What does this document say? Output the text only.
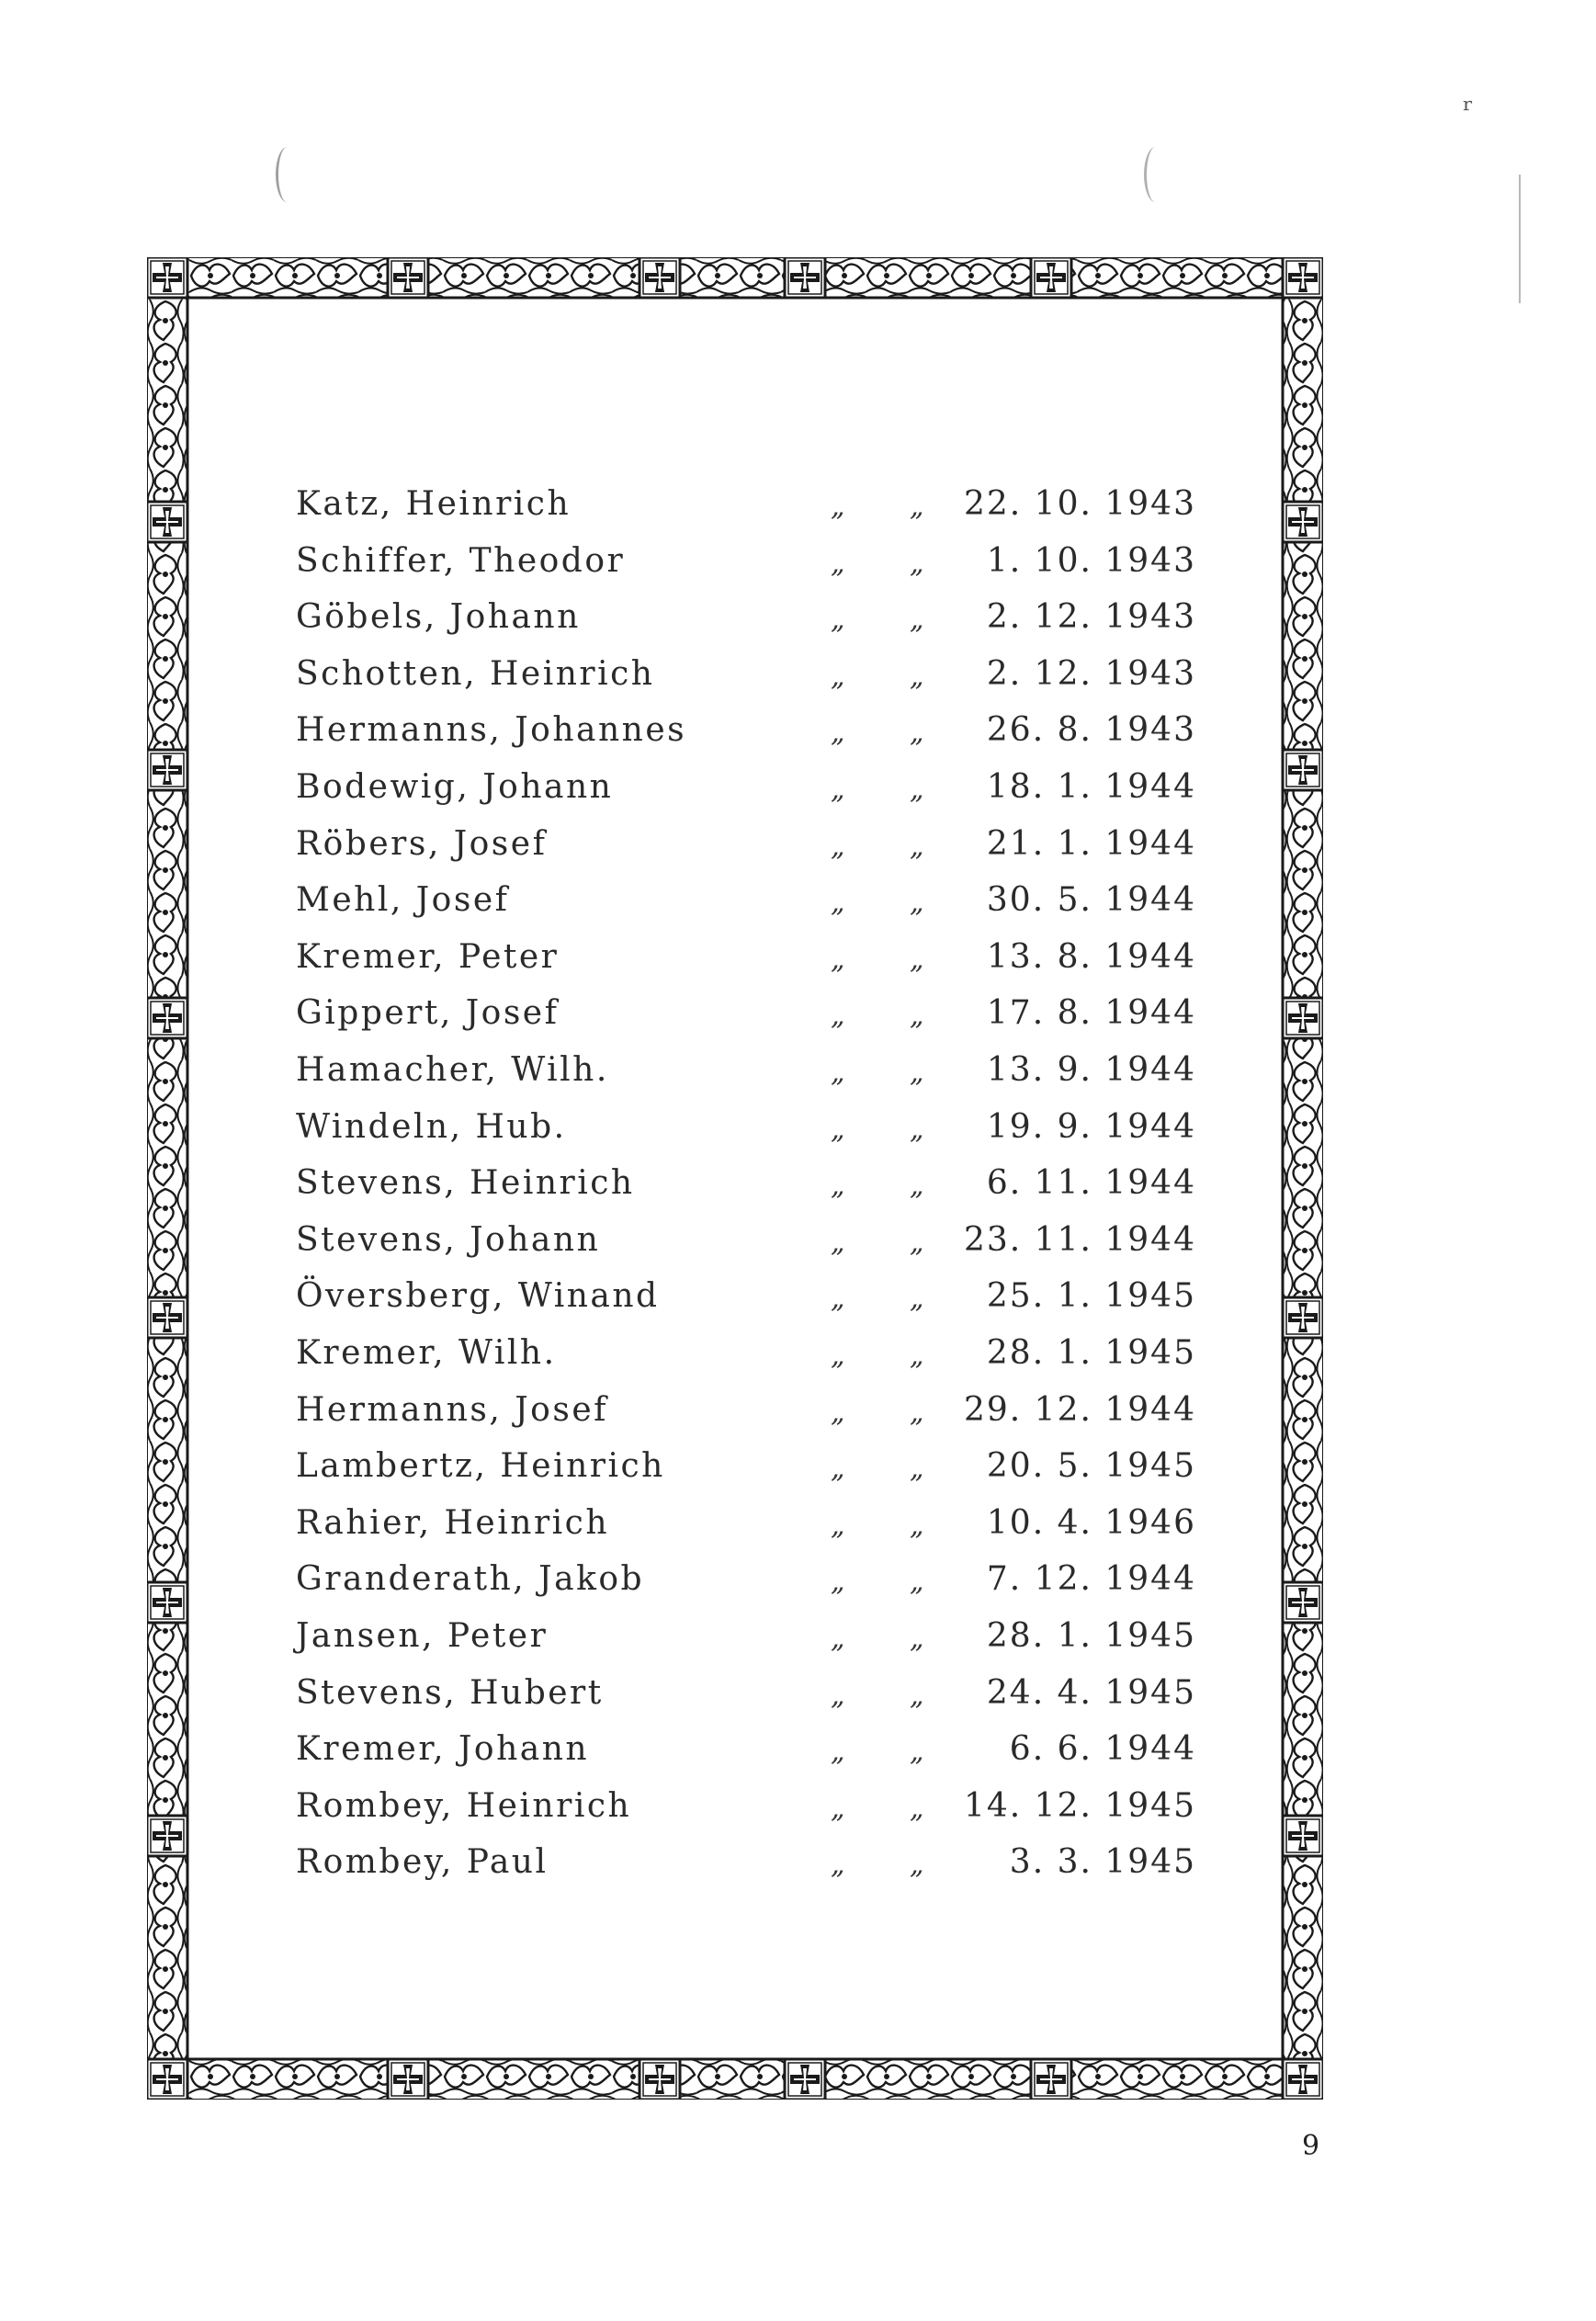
ʳ
Katz, Heinrich	„ „ 22. 10. 1943
Schiffer, Theodor	„ „	1. 10. 1943
Göbels, Johann	„ „	2. 12. 1943
Schotten, Heinrich	„ „	2. 12. 1943
Hermanns, Johannes	„ „	26. 8. 1943
Bodewig, Johann	„ „	18. 1. 1944
Röbers, Josef	„ „	21. 1. 1944
Mehl, Josef	„ „	30. 5. 1944
Kremer, Peter	„ „	13. 8. 1944
Gippert, Josef	„ „	17. 8. 1944
Hamacher, Wilh.	„ „	13. 9. 1944
Windeln, Hub.	„ „	19. 9. 1944
Stevens, Heinrich	„ „	6. 11. 1944
Stevens, Johann	„ „ 23. 11. 1944
Översberg, Winand	„ „	25. 1. 1945
Kremer, Wilh.	„ „	28. 1. 1945
Hermanns, Josef	„ „ 29. 12. 1944
Lambertz, Heinrich	„ „	20. 5. 1945
Rahier, Heinrich	„ „	10. 4. 1946
Granderath, Jakob	„ „	7. 12. 1944
Jansen, Peter	„ „	28. 1. 1945
Stevens, Hubert	„ „	24. 4. 1945
Kremer, Johann	„ „	6. 6. 1944
Rombey, Heinrich	„ „ 14. 12. 1945
Rombey, Paul	„ „	3. 3. 1945
9
